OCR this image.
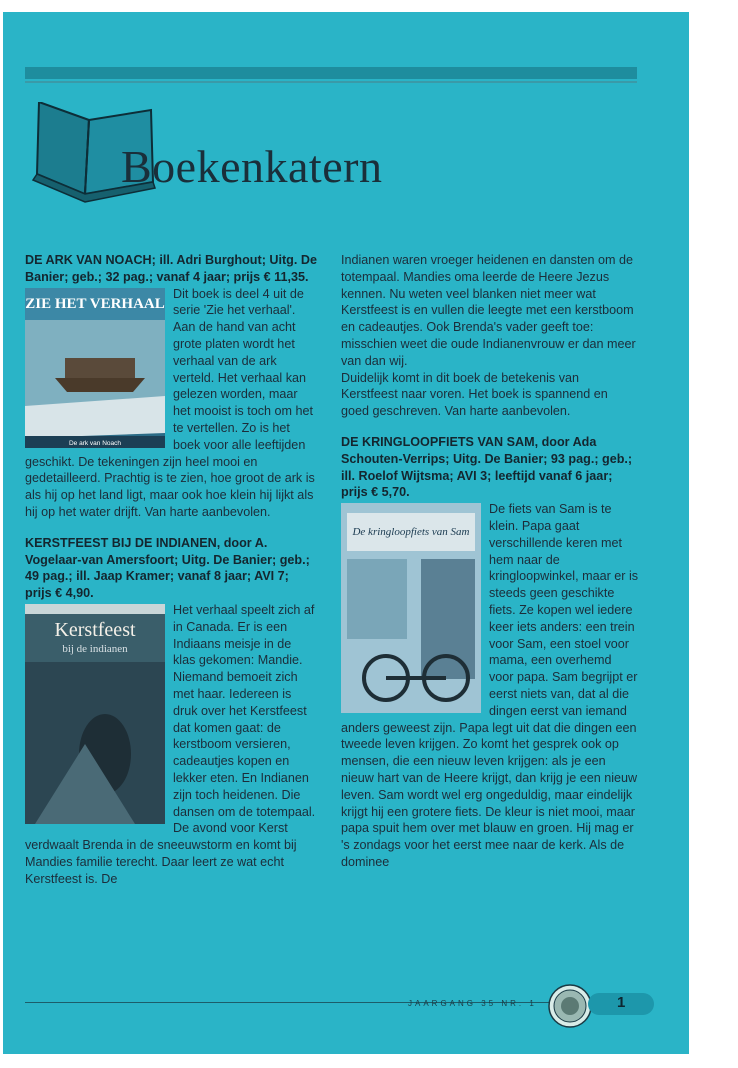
Boekenkatern

DE ARK VAN NOACH; ill. Adri Burghout; Uitg. De Banier; geb.; 32 pag.; vanaf 4 jaar; prijs € 11,35.

ZIE HET VERHAAL
De ark van Noach

Dit boek is deel 4 uit de serie 'Zie het verhaal'. Aan de hand van acht grote platen wordt het verhaal van de ark verteld. Het verhaal kan gelezen worden, maar het mooist is toch om het te vertellen. Zo is het boek voor alle leeftijden geschikt. De tekeningen zijn heel mooi en gedetailleerd. Prachtig is te zien, hoe groot de ark is als hij op het land ligt, maar ook hoe klein hij lijkt als hij op het water drijft. Van harte aanbevolen.

KERSTFEEST BIJ DE INDIANEN, door A. Vogelaar-van Amersfoort; Uitg. De Banier; geb.; 49 pag.; ill. Jaap Kramer; vanaf 8 jaar; AVI 7; prijs € 4,90.

Kerstfeest
bij de indianen

Het verhaal speelt zich af in Canada. Er is een Indiaans meisje in de klas gekomen: Mandie. Niemand bemoeit zich met haar. Iedereen is druk over het Kerstfeest dat komen gaat: de kerstboom versieren, cadeautjes kopen en lekker eten. En Indianen zijn toch heidenen. Die dansen om de totempaal. De avond voor Kerst verdwaalt Brenda in de sneeuwstorm en komt bij Mandies familie terecht. Daar leert ze wat echt Kerstfeest is. De

Indianen waren vroeger heidenen en dansten om de totempaal. Mandies oma leerde de Heere Jezus kennen. Nu weten veel blanken niet meer wat Kerstfeest is en vullen die leegte met een kerstboom en cadeautjes. Ook Brenda's vader geeft toe: misschien weet die oude Indianenvrouw er dan meer van dan wij.

Duidelijk komt in dit boek de betekenis van Kerstfeest naar voren. Het boek is spannend en goed geschreven. Van harte aanbevolen.

DE KRINGLOOPFIETS VAN SAM, door Ada Schouten-Verrips; Uitg. De Banier; 93 pag.; geb.; ill. Roelof Wijtsma; AVI 3; leeftijd vanaf 6 jaar; prijs € 5,70.

De kringloopfiets van Sam

De fiets van Sam is te klein. Papa gaat verschillende keren met hem naar de kringloopwinkel, maar er is steeds geen geschikte fiets. Ze kopen wel iedere keer iets anders: een trein voor Sam, een stoel voor mama, een overhemd voor papa. Sam begrijpt er eerst niets van, dat al die dingen eerst van iemand anders geweest zijn. Papa legt uit dat die dingen een tweede leven krijgen. Zo komt het gesprek ook op mensen, die een nieuw leven krijgen: als je een nieuw hart van de Heere krijgt, dan krijg je een nieuw leven. Sam wordt wel erg ongeduldig, maar eindelijk krijgt hij een grotere fiets. De kleur is niet mooi, maar papa spuit hem over met blauw en groen. Hij mag er 's zondags voor het eerst mee naar de kerk. Als de dominee

JAARGANG 35 NR. 1	1
